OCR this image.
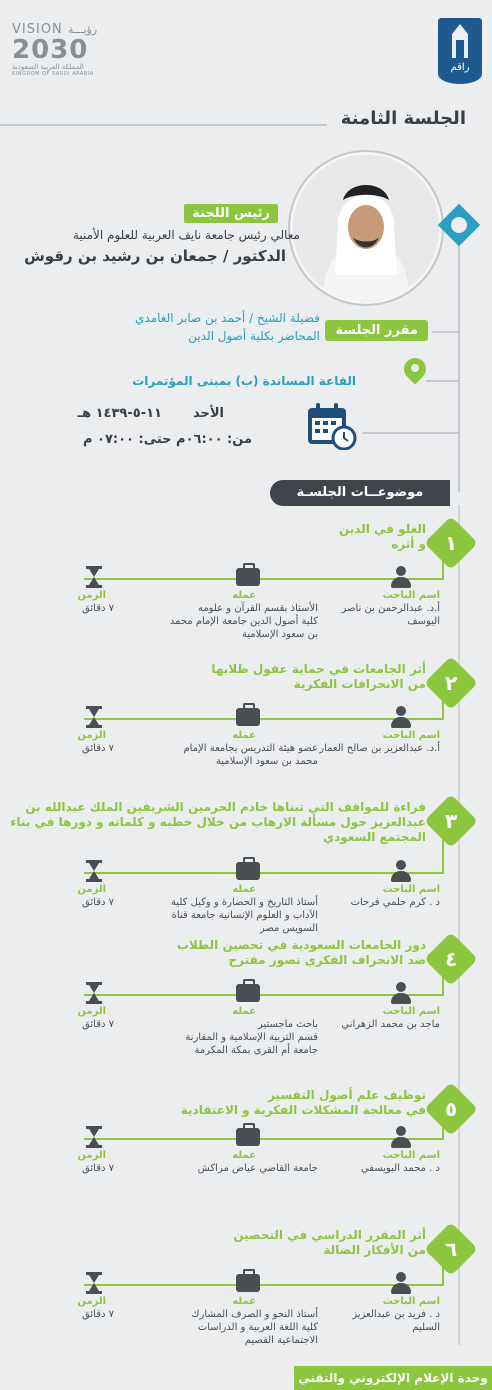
VISION رؤيـــة
2030
المملكة العربية السعودية
KINGDOM OF SAUDI ARABIA
راقم
الجلسة الثامنة
رئيس اللجنة
معالي رئيس جامعة نايف العربية للعلوم الأمنية
الدكتور / جمعان بن رشيد بن رقوش
فضيلة الشيخ / أحمد بن صابر الغامدي
مقرر الجلسة
المحاضر بكلية أصول الدين
القاعة المساندة (ب) بمبنى المؤتمرات
الأحد
١١-٥-١٤٣٩ هـ
من: ٠٦:٠٠م حتى: ٠٧:٠٠ م
موضوعــات الجلسـة
١
الغلو في الدين
و أثره
اسم الباحث
عمله
الزمن
أ.د. عبدالرحمن بن ناصر
اليوسف
الأستاذ بقسم القرآن و علومه
كلية أصول الدين جامعة الإمام محمد
بن سعود الإسلامية
٧ دقائق
٢
أثر الجامعات في حماية عقول طلابها
من الانحرافات الفكرية
اسم الباحث
عمله
الزمن
أ.د. عبدالعزيز بن صالح العمار
عضو هيئة التدريس بجامعة الإمام
محمد بن سعود الإسلامية
٧ دقائق
٣
قراءة للمواقف التي تبناها خادم الحرمين الشريفين الملك عبدالله بن
عبدالعزيز حول مسألة الارهاب من خلال خطبه و كلماته و دورها في بناء
المجتمع السعودي
اسم الباحث
عمله
الزمن
د . كرم حلمي فرحات
أستاذ التاريخ و الحضارة و وكيل كلية
الآداب و العلوم الإنسانية جامعة قناة
السويس مصر
٧ دقائق
٤
دور الجامعات السعودية في تحصين الطلاب
ضد الانحراف الفكري تصور مقترح
اسم الباحث
عمله
الزمن
ماجد بن محمد الزهراني
باحث ماجستير
قسم التربية الإسلامية و المقارنة
جامعة أم القرى بمكة المكرمة
٧ دقائق
٥
توظيف علم أصول التفسير
في معالجة المشكلات الفكرية و الاعتقادية
اسم الباحث
عمله
الزمن
د . محمد البويسفي
جامعة القاضي عياض مراكش
٧ دقائق
٦
أثر المقرر الدراسي في التحصين
من الأفكار الضالة
اسم الباحث
عمله
الزمن
د . فريد بن عبدالعزيز
السليم
أستاذ النحو و الصرف المشارك
كلية اللغة العربية و الدراسات
الاجتماعية القصيم
٧ دقائق
وحدة الإعلام الإلكتروني والتقني
